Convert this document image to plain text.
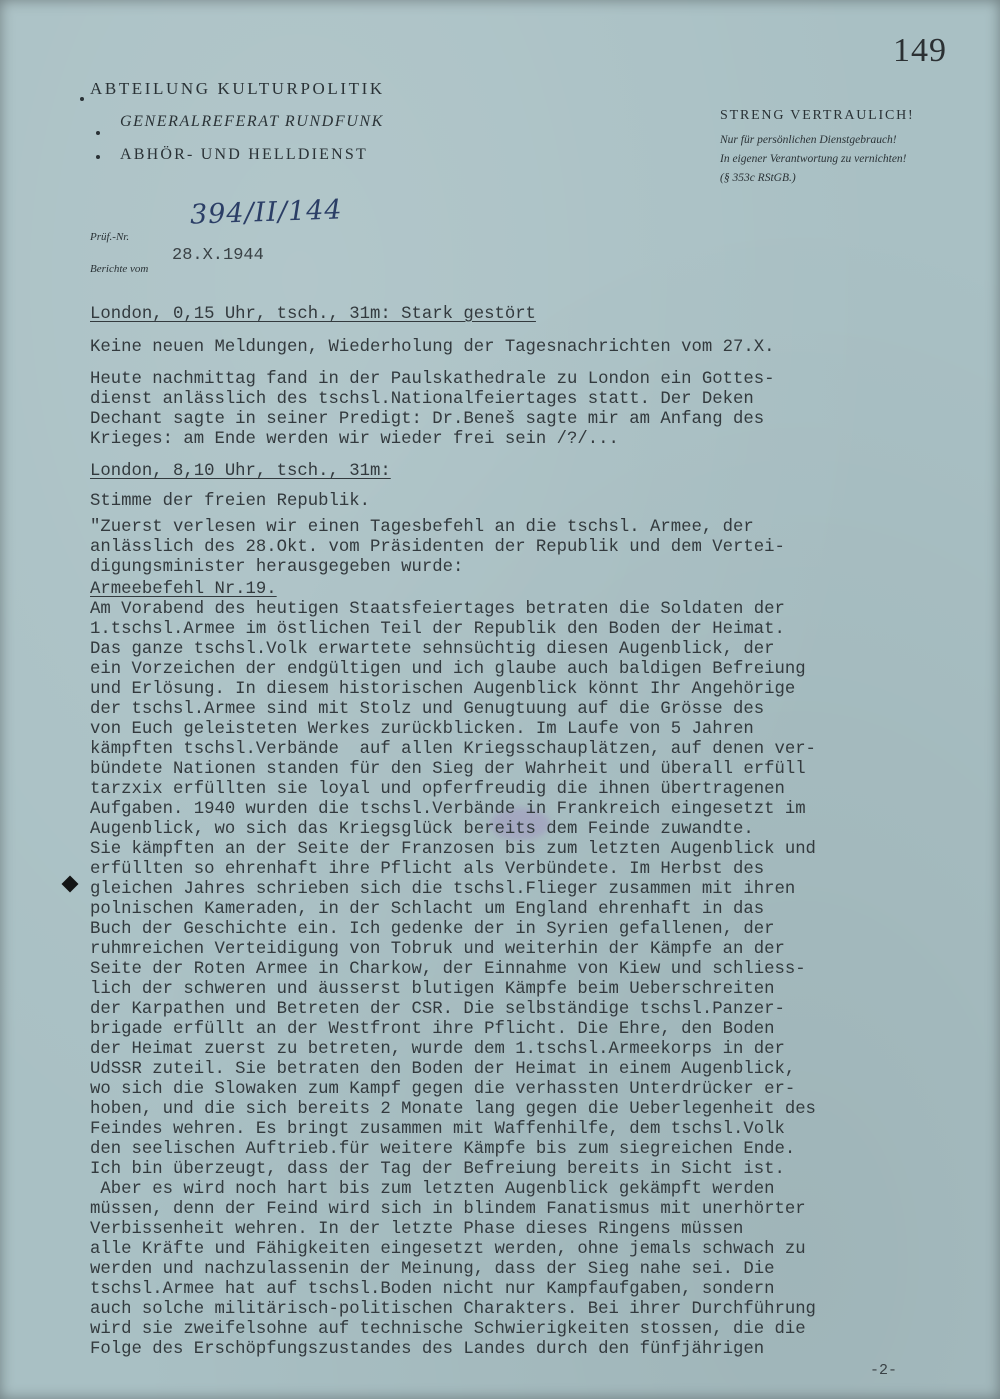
149
ABTEILUNG KULTURPOLITIK
GENERALREFERAT RUNDFUNK
ABHÖR- UND HELLDIENST
STRENG VERTRAULICH!
Nur für persönlichen Dienstgebrauch!
In eigener Verantwortung zu vernichten!
(§ 353c RStGB.)
Prüf.-Nr.
394/II/144
Berichte vom
28.X.1944
London, 0,15 Uhr, tsch., 31m: Stark gestört
Keine neuen Meldungen, Wiederholung der Tagesnachrichten vom 27.X.
Heute nachmittag fand in der Paulskathedrale zu London ein Gottes-
dienst anlässlich des tschsl.Nationalfeiertages statt. Der Deken
Dechant sagte in seiner Predigt: Dr.Beneš sagte mir am Anfang des
Krieges: am Ende werden wir wieder frei sein /?/...
London, 8,10 Uhr, tsch., 31m:
Stimme der freien Republik.
"Zuerst verlesen wir einen Tagesbefehl an die tschsl. Armee, der
anlässlich des 28.Okt. vom Präsidenten der Republik und dem Vertei-
digungsminister herausgegeben wurde:
Armeebefehl Nr.19.
Am Vorabend des heutigen Staatsfeiertages betraten die Soldaten der
1.tschsl.Armee im östlichen Teil der Republik den Boden der Heimat.
Das ganze tschsl.Volk erwartete sehnsüchtig diesen Augenblick, der
ein Vorzeichen der endgültigen und ich glaube auch baldigen Befreiung
und Erlösung. In diesem historischen Augenblick könnt Ihr Angehörige
der tschsl.Armee sind mit Stolz und Genugtuung auf die Grösse des
von Euch geleisteten Werkes zurückblicken. Im Laufe von 5 Jahren
kämpften tschsl.Verbände  auf allen Kriegsschauplätzen, auf denen ver-
bündete Nationen standen für den Sieg der Wahrheit und überall erfüll
tarzxix erfüllten sie loyal und opferfreudig die ihnen übertragenen
Aufgaben. 1940 wurden die tschsl.Verbände in Frankreich eingesetzt im
Augenblick, wo sich das Kriegsglück bereits dem Feinde zuwandte.
Sie kämpften an der Seite der Franzosen bis zum letzten Augenblick und
erfüllten so ehrenhaft ihre Pflicht als Verbündete. Im Herbst des
gleichen Jahres schrieben sich die tschsl.Flieger zusammen mit ihren
polnischen Kameraden, in der Schlacht um England ehrenhaft in das
Buch der Geschichte ein. Ich gedenke der in Syrien gefallenen, der
ruhmreichen Verteidigung von Tobruk und weiterhin der Kämpfe an der
Seite der Roten Armee in Charkow, der Einnahme von Kiew und schliess-
lich der schweren und äusserst blutigen Kämpfe beim Ueberschreiten
der Karpathen und Betreten der CSR. Die selbständige tschsl.Panzer-
brigade erfüllt an der Westfront ihre Pflicht. Die Ehre, den Boden
der Heimat zuerst zu betreten, wurde dem 1.tschsl.Armeekorps in der
UdSSR zuteil. Sie betraten den Boden der Heimat in einem Augenblick,
wo sich die Slowaken zum Kampf gegen die verhassten Unterdrücker er-
hoben, und die sich bereits 2 Monate lang gegen die Ueberlegenheit des
Feindes wehren. Es bringt zusammen mit Waffenhilfe, dem tschsl.Volk
den seelischen Auftrieb.für weitere Kämpfe bis zum siegreichen Ende.
Ich bin überzeugt, dass der Tag der Befreiung bereits in Sicht ist.
Aber es wird noch hart bis zum letzten Augenblick gekämpft werden
müssen, denn der Feind wird sich in blindem Fanatismus mit unerhörter
Verbissenheit wehren. In der letzte Phase dieses Ringens müssen
alle Kräfte und Fähigkeiten eingesetzt werden, ohne jemals schwach zu
werden und nachzulassenin der Meinung, dass der Sieg nahe sei. Die
tschsl.Armee hat auf tschsl.Boden nicht nur Kampfaufgaben, sondern
auch solche militärisch-politischen Charakters. Bei ihrer Durchführung
wird sie zweifelsohne auf technische Schwierigkeiten stossen, die die
Folge des Erschöpfungszustandes des Landes durch den fünfjährigen
-2-
